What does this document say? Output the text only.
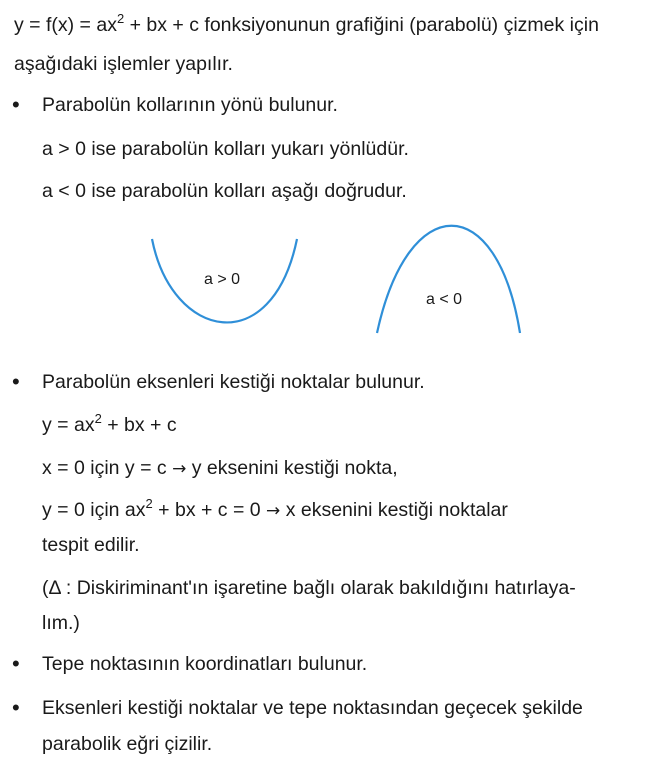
$y = f(x) = ax^2$ + bx + c fonksiyonunun grafiğini (parabolü) çizmek için
aşağıdaki işlemler yapılır.
• Parabolün kollarının yönü bulunur.
a > 0 ise parabolün kolları yukarı yönlüdür.
a < 0 ise parabolün kolları aşağı doğrudur.
a > 0
a < 0
• Parabolün eksenleri kestiği noktalar bulunur.
$y = ax^2$ + bx + c
x = 0 için y = c → y eksenini kestiği nokta,
y = 0 için $ax^2$ + bx + c = 0 → x eksenini kestiği noktalar
tespit edilir.
(Δ : Diskiriminant'ın işaretine bağlı olarak bakıldığını hatırlaya-
lım.)
• Tepe noktasının koordinatları bulunur.
• Eksenleri kestiği noktalar ve tepe noktasından geçecek şekilde
parabolik eğri çizilir.
